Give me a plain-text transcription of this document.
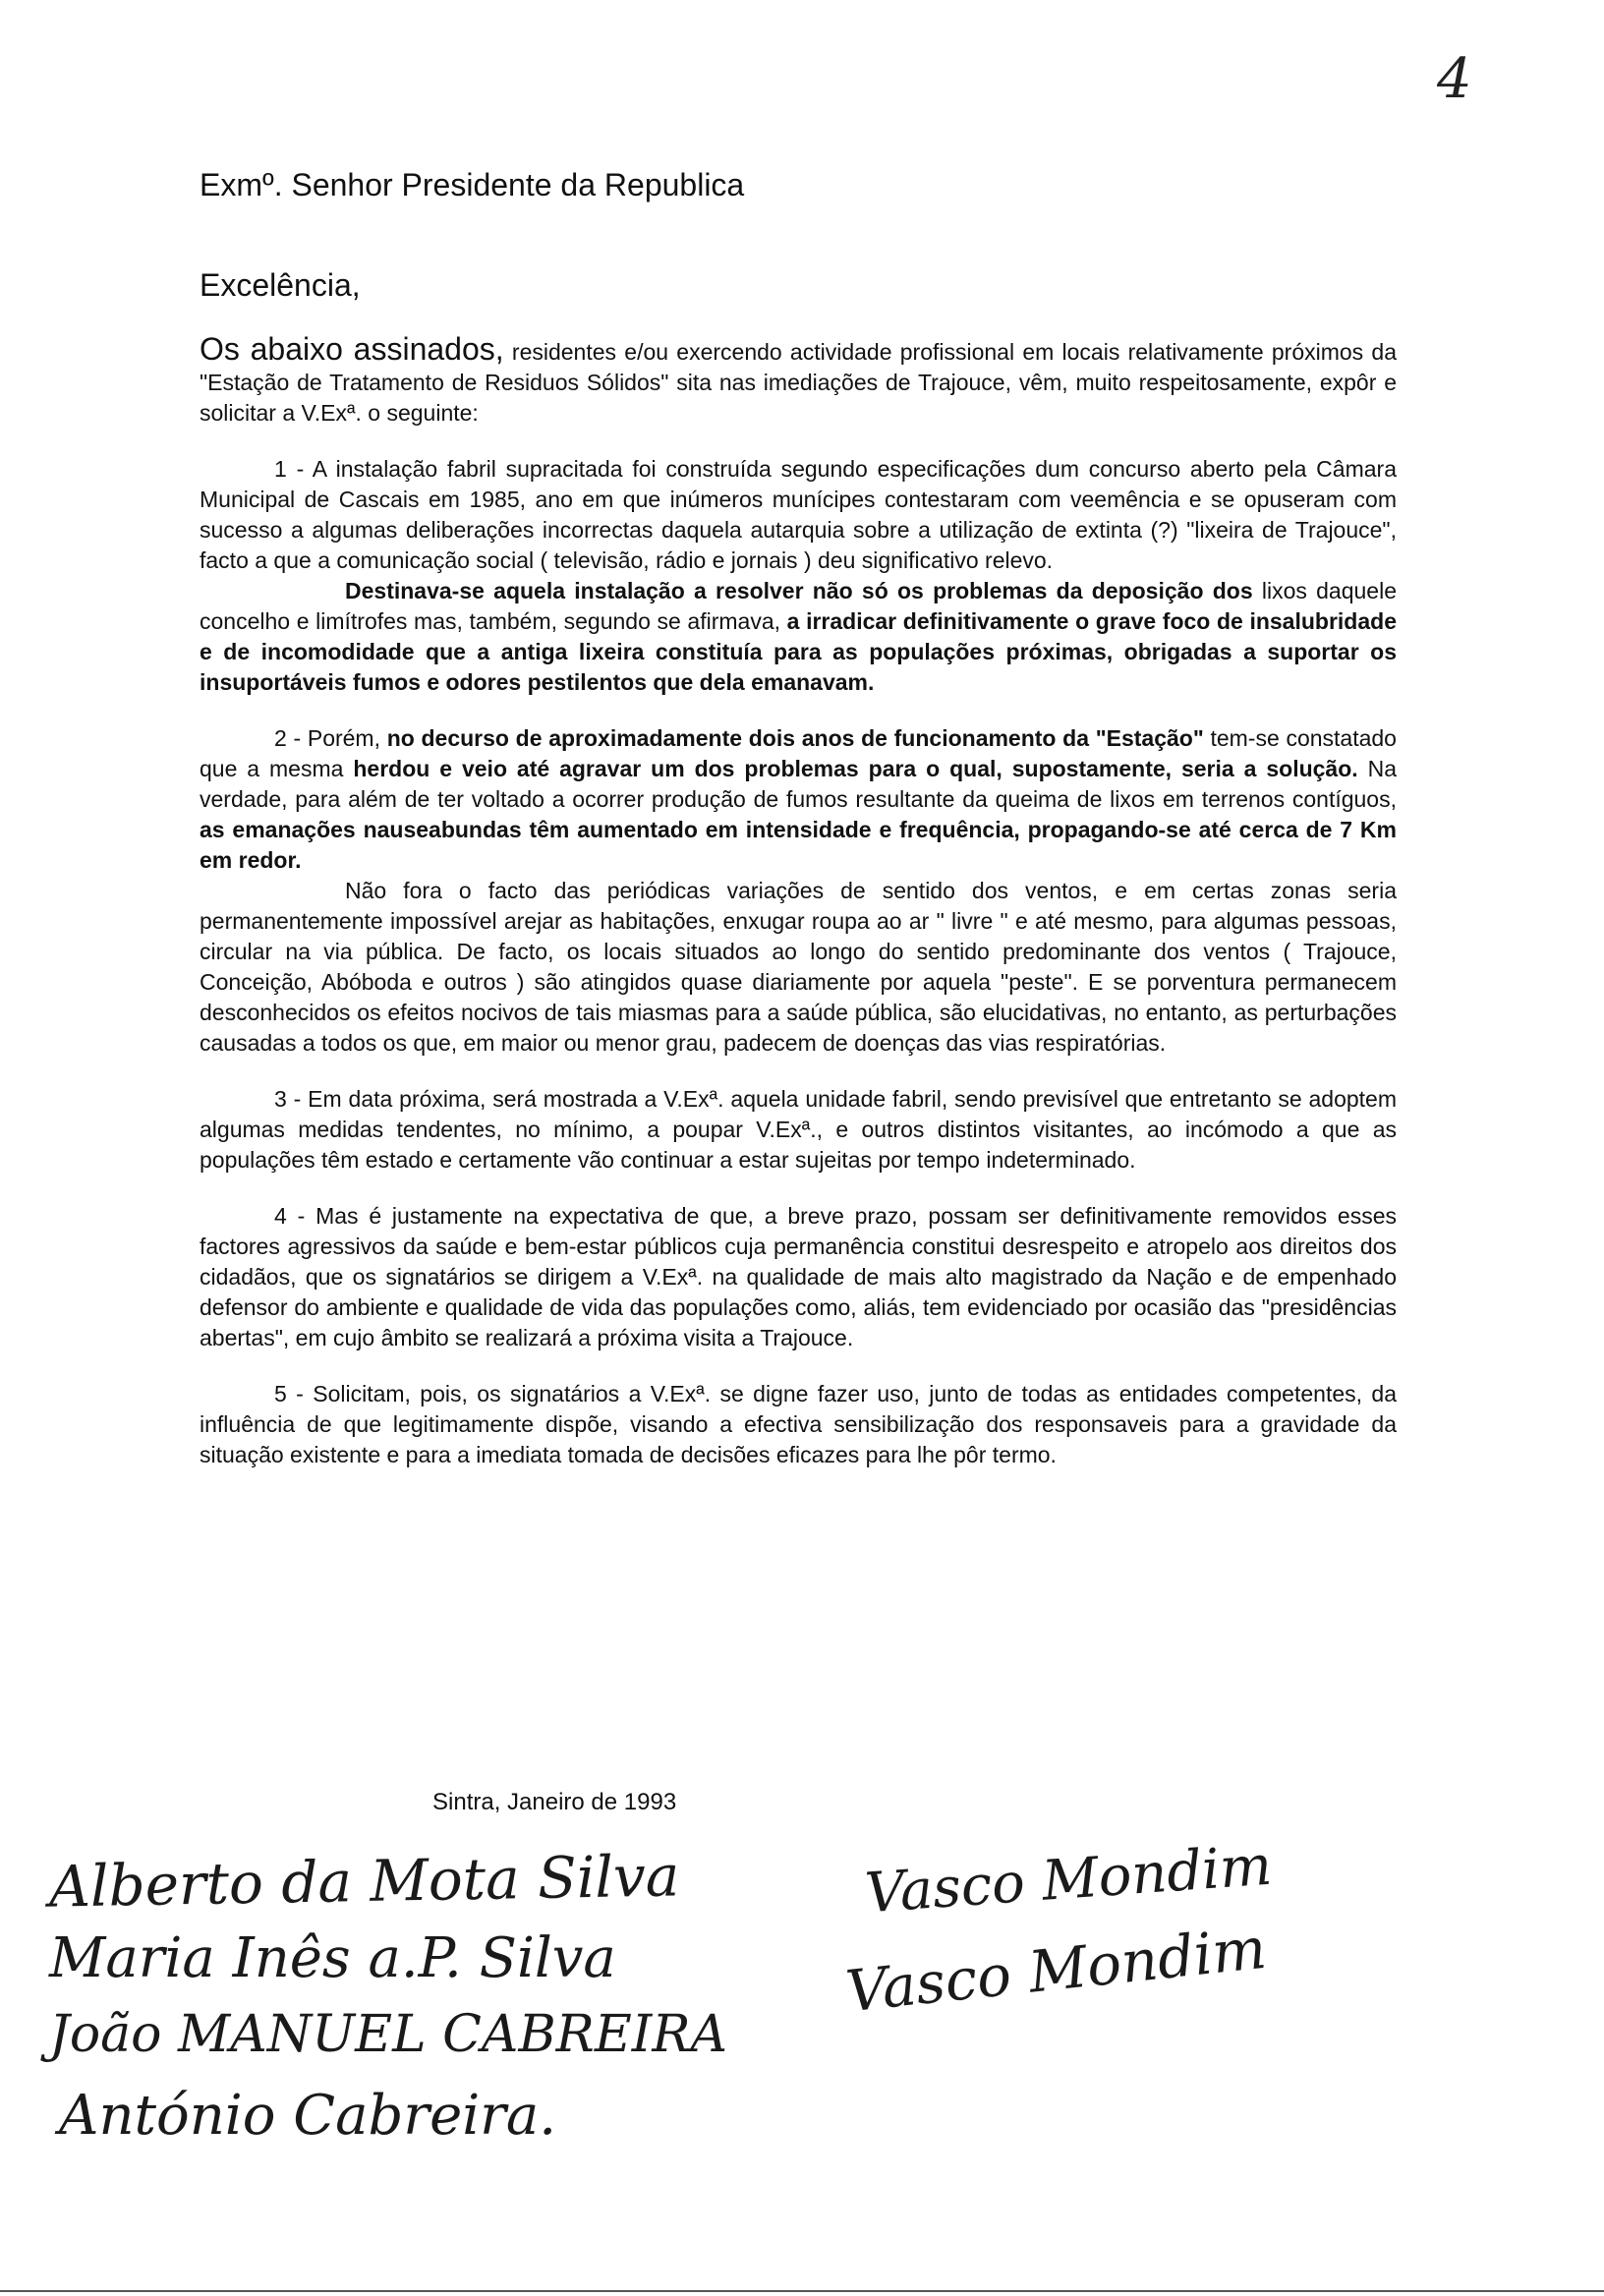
4
Exmº. Senhor Presidente da Republica
Excelência,

Os abaixo assinados, residentes e/ou exercendo actividade profissional em locais relativamente próximos da "Estação de Tratamento de Residuos Sólidos" sita nas imediações de Trajouce, vêm, muito respeitosamente, expôr e solicitar a V.Exª. o seguinte:

1 - A instalação fabril supracitada foi construída segundo especificações dum concurso aberto pela Câmara Municipal de Cascais em 1985, ano em que inúmeros munícipes contestaram com veemência e se opuseram com sucesso a algumas deliberações incorrectas daquela autarquia sobre a utilização de extinta (?) "lixeira de Trajouce", facto a que a comunicação social ( televisão, rádio e jornais ) deu significativo relevo.

Destinava-se aquela instalação a resolver não só os problemas da deposição dos lixos daquele concelho e limítrofes mas, também, segundo se afirmava, a irradicar definitivamente o grave foco de insalubridade e de incomodidade que a antiga lixeira constituía para as populações próximas, obrigadas a suportar os insuportáveis fumos e odores pestilentos que dela emanavam.

2 - Porém, no decurso de aproximadamente dois anos de funcionamento da "Estação" tem-se constatado que a mesma herdou e veio até agravar um dos problemas para o qual, supostamente, seria a solução. Na verdade, para além de ter voltado a ocorrer produção de fumos resultante da queima de lixos em terrenos contíguos, as emanações nauseabundas têm aumentado em intensidade e frequência, propagando-se até cerca de 7 Km em redor.

Não fora o facto das periódicas variações de sentido dos ventos, e em certas zonas seria permanentemente impossível arejar as habitações, enxugar roupa ao ar " livre " e até mesmo, para algumas pessoas, circular na via pública. De facto, os locais situados ao longo do sentido predominante dos ventos ( Trajouce, Conceição, Abóboda e outros ) são atingidos quase diariamente por aquela "peste". E se porventura permanecem desconhecidos os efeitos nocivos de tais miasmas para a saúde pública, são elucidativas, no entanto, as perturbações causadas a todos os que, em maior ou menor grau, padecem de doenças das vias respiratórias.

3 - Em data próxima, será mostrada a V.Exª. aquela unidade fabril, sendo previsível que entretanto se adoptem algumas medidas tendentes, no mínimo, a poupar V.Exª., e outros distintos visitantes, ao incómodo a que as populações têm estado e certamente vão continuar a estar sujeitas por tempo indeterminado.

4 - Mas é justamente na expectativa de que, a breve prazo, possam ser definitivamente removidos esses factores agressivos da saúde e bem-estar públicos cuja permanência constitui desrespeito e atropelo aos direitos dos cidadãos, que os signatários se dirigem a V.Exª. na qualidade de mais alto magistrado da Nação e de empenhado defensor do ambiente e qualidade de vida das populações como, aliás, tem evidenciado por ocasião das "presidências abertas", em cujo âmbito se realizará a próxima visita a Trajouce.

5 - Solicitam, pois, os signatários a V.Exª. se digne fazer uso, junto de todas as entidades competentes, da influência de que legitimamente dispõe, visando a efectiva sensibilização dos responsaveis para a gravidade da situação existente e para a imediata tomada de decisões eficazes para lhe pôr termo.

Sintra, Janeiro de 1993
Alberto da Mota Silva	Vasco Mondim
Maria Inês a.P. Silva	Vasco Mondim
João MANUEL CABREIRA
António Cabreira.
